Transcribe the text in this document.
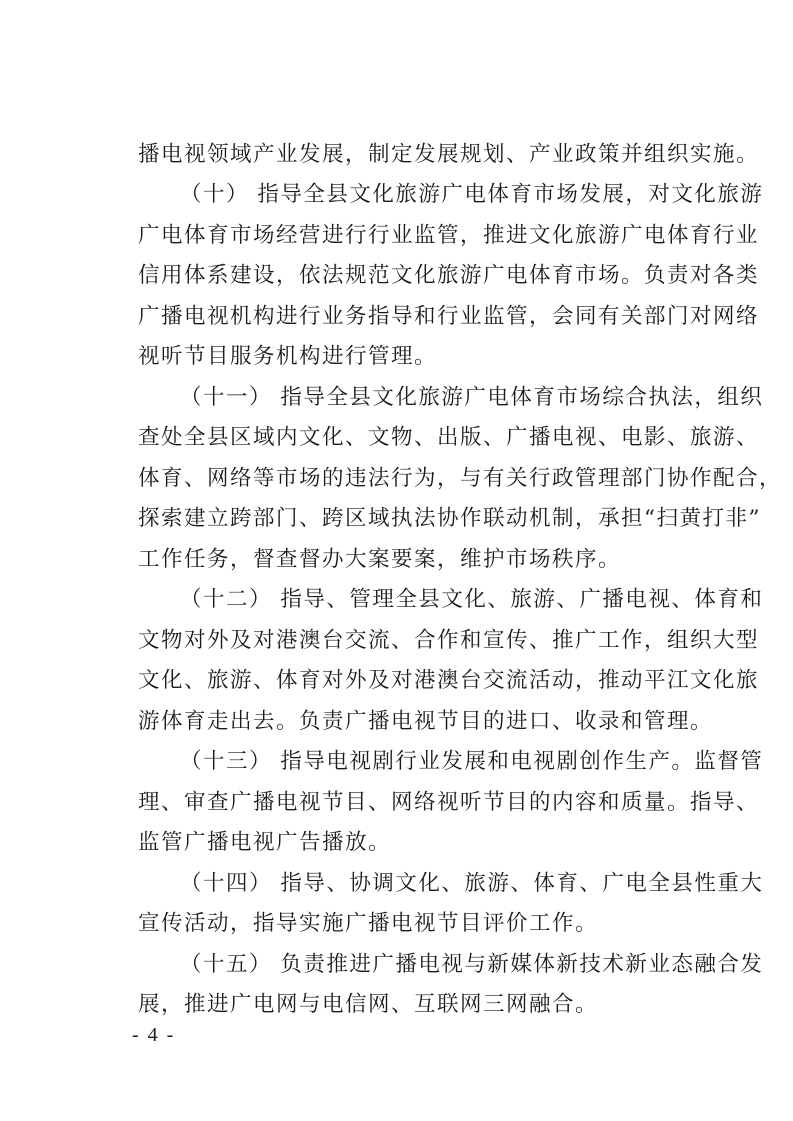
播电视领域产业发展，制定发展规划、产业政策并组织实施。
（十） 指导全县文化旅游广电体育市场发展，对文化旅游
广电体育市场经营进行行业监管，推进文化旅游广电体育行业
信用体系建设，依法规范文化旅游广电体育市场。负责对各类
广播电视机构进行业务指导和行业监管，会同有关部门对网络
视听节目服务机构进行管理。
（十一） 指导全县文化旅游广电体育市场综合执法，组织
查处全县区域内文化、文物、出版、广播电视、电影、旅游、
体育、网络等市场的违法行为，与有关行政管理部门协作配合，
探索建立跨部门、跨区域执法协作联动机制，承担“扫黄打非”
工作任务，督查督办大案要案，维护市场秩序。
（十二） 指导、管理全县文化、旅游、广播电视、体育和
文物对外及对港澳台交流、合作和宣传、推广工作，组织大型
文化、旅游、体育对外及对港澳台交流活动，推动平江文化旅
游体育走出去。负责广播电视节目的进口、收录和管理。
（十三） 指导电视剧行业发展和电视剧创作生产。监督管
理、审查广播电视节目、网络视听节目的内容和质量。指导、
监管广播电视广告播放。
（十四） 指导、协调文化、旅游、体育、广电全县性重大
宣传活动，指导实施广播电视节目评价工作。
（十五） 负责推进广播电视与新媒体新技术新业态融合发
展，推进广电网与电信网、互联网三网融合。
- 4 -
